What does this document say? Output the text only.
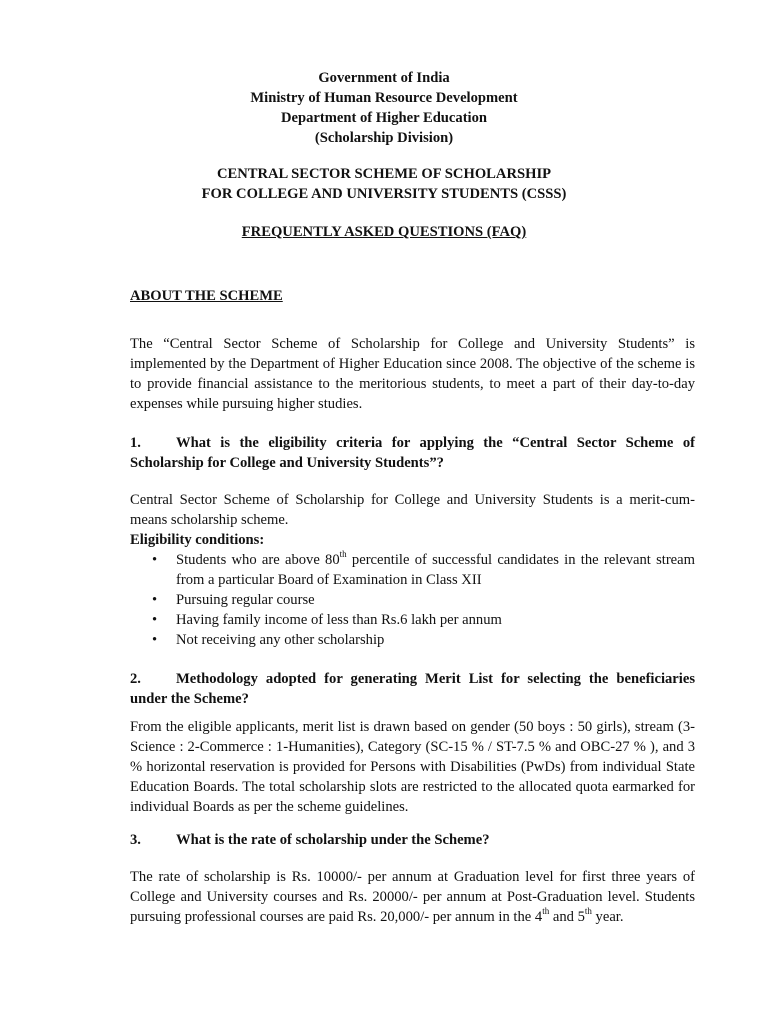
Government of India
Ministry of Human Resource Development
Department of Higher Education
(Scholarship Division)
CENTRAL SECTOR SCHEME OF SCHOLARSHIP
FOR COLLEGE AND UNIVERSITY STUDENTS (CSSS)
FREQUENTLY ASKED QUESTIONS (FAQ)
ABOUT THE SCHEME
The “Central Sector Scheme of Scholarship for College and University Students” is implemented by the Department of Higher Education since 2008. The objective of the scheme is to provide financial assistance to the meritorious students, to meet a part of their day-to-day expenses while pursuing higher studies.
1. What is the eligibility criteria for applying the “Central Sector Scheme of Scholarship for College and University Students”?
Central Sector Scheme of Scholarship for College and University Students is a merit-cum-means scholarship scheme.
Eligibility conditions:
• Students who are above 80th percentile of successful candidates in the relevant stream from a particular Board of Examination in Class XII
• Pursuing regular course
• Having family income of less than Rs.6 lakh per annum
• Not receiving any other scholarship
2. Methodology adopted for generating Merit List for selecting the beneficiaries under the Scheme?
From the eligible applicants, merit list is drawn based on gender (50 boys : 50 girls), stream (3-Science : 2-Commerce : 1-Humanities), Category (SC-15 % / ST-7.5 % and OBC-27 % ), and 3 % horizontal reservation is provided for Persons with Disabilities (PwDs) from individual State Education Boards. The total scholarship slots are restricted to the allocated quota earmarked for individual Boards as per the scheme guidelines.
3. What is the rate of scholarship under the Scheme?
The rate of scholarship is Rs. 10000/- per annum at Graduation level for first three years of College and University courses and Rs. 20000/- per annum at Post-Graduation level. Students pursuing professional courses are paid Rs. 20,000/- per annum in the 4th and 5th year.
